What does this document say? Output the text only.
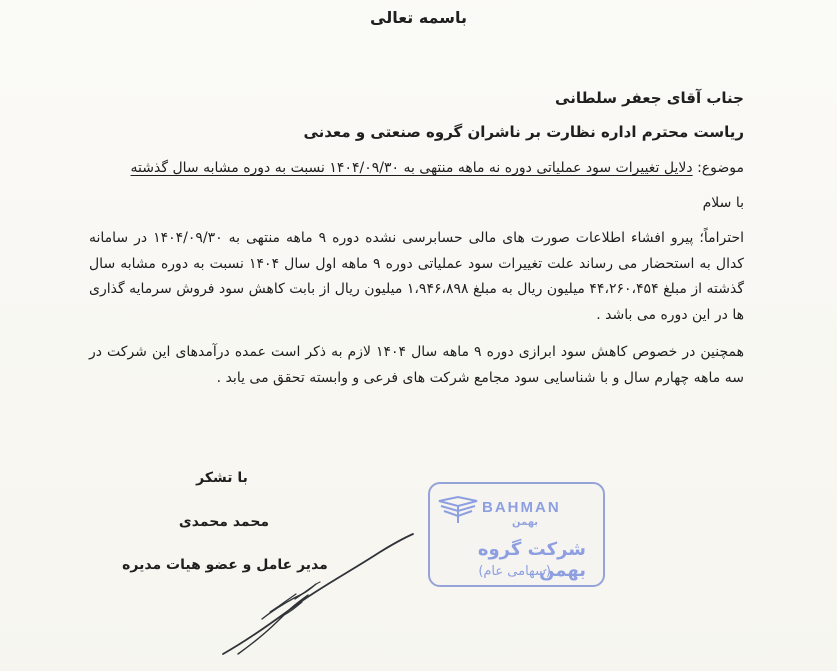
باسمه تعالی
جناب آقای جعفر سلطانی
ریاست محترم اداره نظارت بر ناشران گروه صنعتی و معدنی
موضوع: دلایل تغییرات سود عملیاتی دوره نه ماهه منتهی به ۱۴۰۴/۰۹/۳۰ نسبت به دوره مشابه سال گذشته
با سلام
احتراماً؛ پیرو افشاء اطلاعات صورت های مالی حسابرسی نشده دوره ۹ ماهه منتهی به ۱۴۰۴/۰۹/۳۰ در سامانه کدال به استحضار می رساند علت تغییرات سود عملیاتی دوره ۹ ماهه اول سال ۱۴۰۴ نسبت به دوره مشابه سال گذشته از مبلغ ۴۴،۲۶۰،۴۵۴ میلیون ریال به مبلغ ۱،۹۴۶،۸۹۸ میلیون ریال از بابت کاهش سود فروش سرمایه گذاری ها در این دوره می باشد .
همچنین در خصوص کاهش سود ابرازی دوره ۹ ماهه سال ۱۴۰۴ لازم به ذکر است عمده درآمدهای این شرکت در سه ماهه چهارم سال و با شناسایی سود مجامع شرکت های فرعی و وابسته تحقق می یابد .
با تشکر
محمد محمدی
مدیر عامل و عضو هیات مدیره
BAHMAN
بهمن
شرکت گروه بهمن
(سهامی عام)
